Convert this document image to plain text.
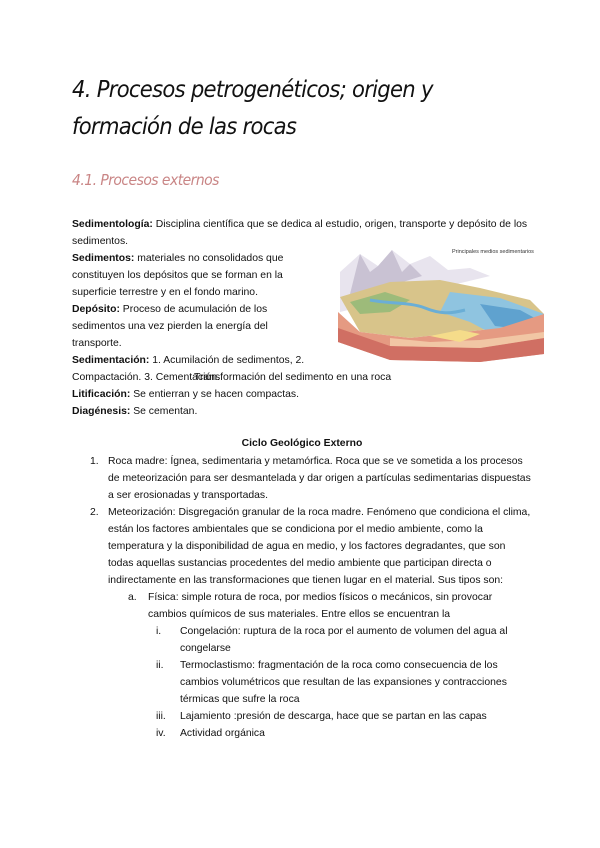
4. Procesos petrogenéticos; origen y formación de las rocas
4.1. Procesos externos
Sedimentología: Disciplina científica que se dedica al estudio, origen, transporte y depósito de los sedimentos.
Sedimentos: materiales no consolidados que constituyen los depósitos que se forman en la superficie terrestre y en el fondo marino.
Depósito: Proceso de acumulación de los sedimentos una vez pierden la energía del transporte.
Sedimentación: 1. Acumilación de sedimentos, 2. Compactación. 3. Cementación.
Principales medios sedimentarios
Transformación del sedimento en una roca
Litificación: Se entierran y se hacen compactas.
Diagénesis: Se cementan.
Ciclo Geológico Externo
1. Roca madre: Ígnea, sedimentaria y metamórfica. Roca que se ve sometida a los procesos de meteorización para ser desmantelada y dar origen a partículas sedimentarias dispuestas a ser erosionadas y transportadas.
2. Meteorización: Disgregación granular de la roca madre. Fenómeno que condiciona el clima, están los factores ambientales que se condiciona por el medio ambiente, como la temperatura y la disponibilidad de agua en medio, y los factores degradantes, que son todas aquellas sustancias procedentes del medio ambiente que participan directa o indirectamente en las transformaciones que tienen lugar en el material. Sus tipos son:
a. Física: simple rotura de roca, por medios físicos o mecánicos, sin provocar cambios químicos de sus materiales. Entre ellos se encuentran la
i. Congelación: ruptura de la roca por el aumento de volumen del agua al congelarse
ii. Termoclastismo: fragmentación de la roca como consecuencia de los cambios volumétricos que resultan de las expansiones y contracciones térmicas que sufre la roca
iii. Lajamiento :presión de descarga, hace que se partan en las capas
iv. Actividad orgánica
